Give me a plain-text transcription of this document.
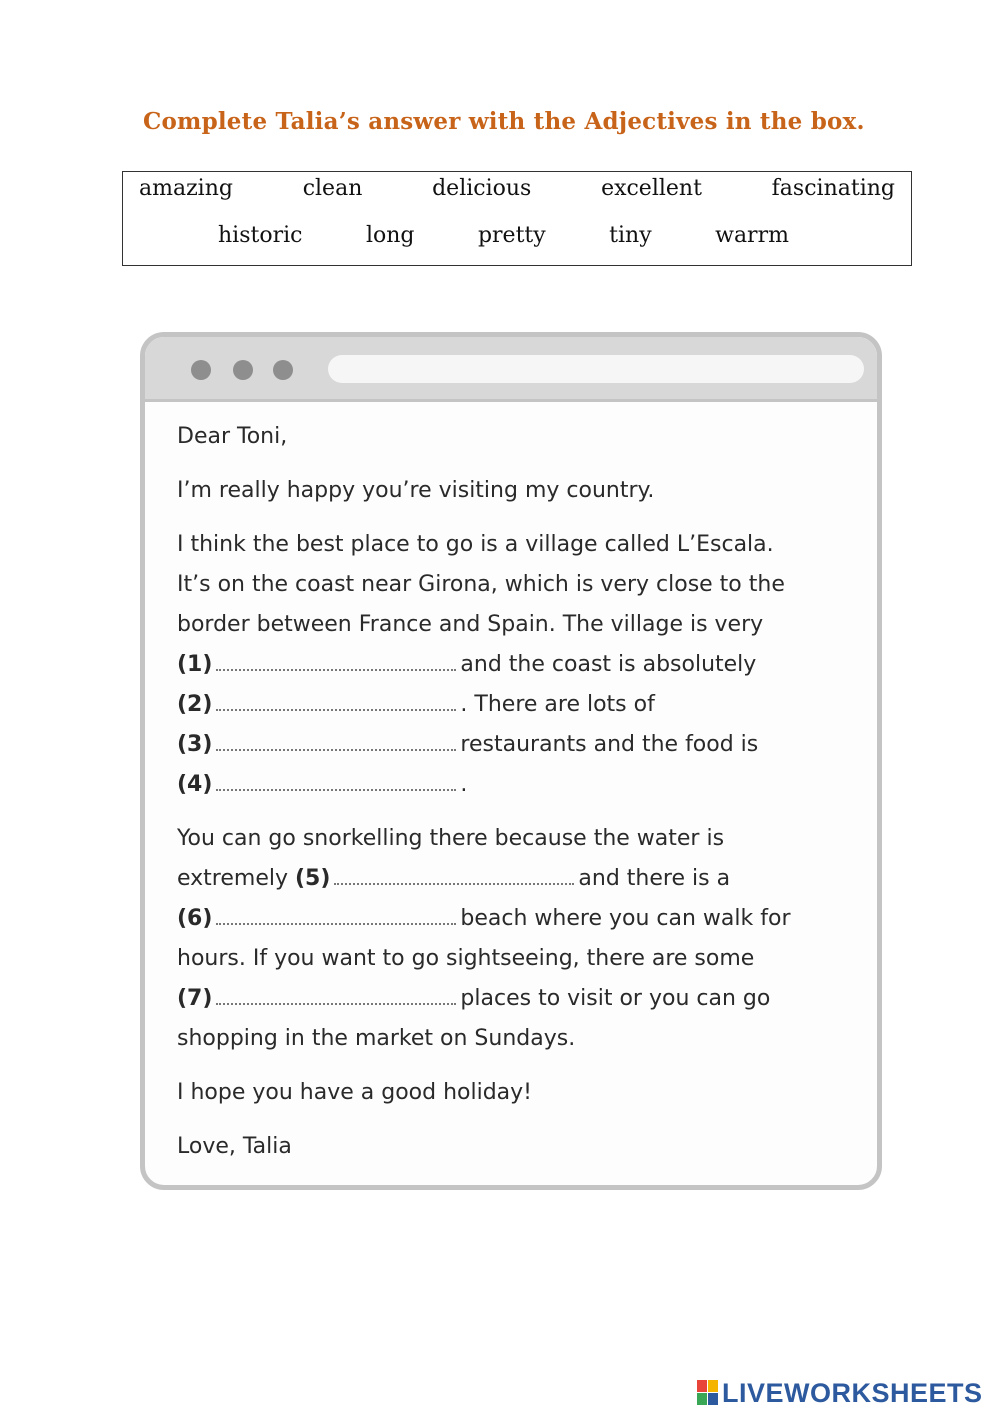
Complete Talia’s answer with the Adjectives in the box.
amazing	clean	delicious	excellent	fascinating
historic	long	pretty	tiny	warrm

Dear Toni,

I’m really happy you’re visiting my country.

I think the best place to go is a village called L’Escala.

It’s on the coast near Girona, which is very close to the

border between France and Spain. The village is very

(1)	and the coast is absolutely

(2)	. There are lots of

(3)	restaurants and the food is

(4)	.

You can go snorkelling there because the water is

extremely (5)	and there is a

(6)	beach where you can walk for

hours. If you want to go sightseeing, there are some

(7)	places to visit or you can go

shopping in the market on Sundays.

I hope you have a good holiday!

Love, Talia

LIVEWORKSHEETS
